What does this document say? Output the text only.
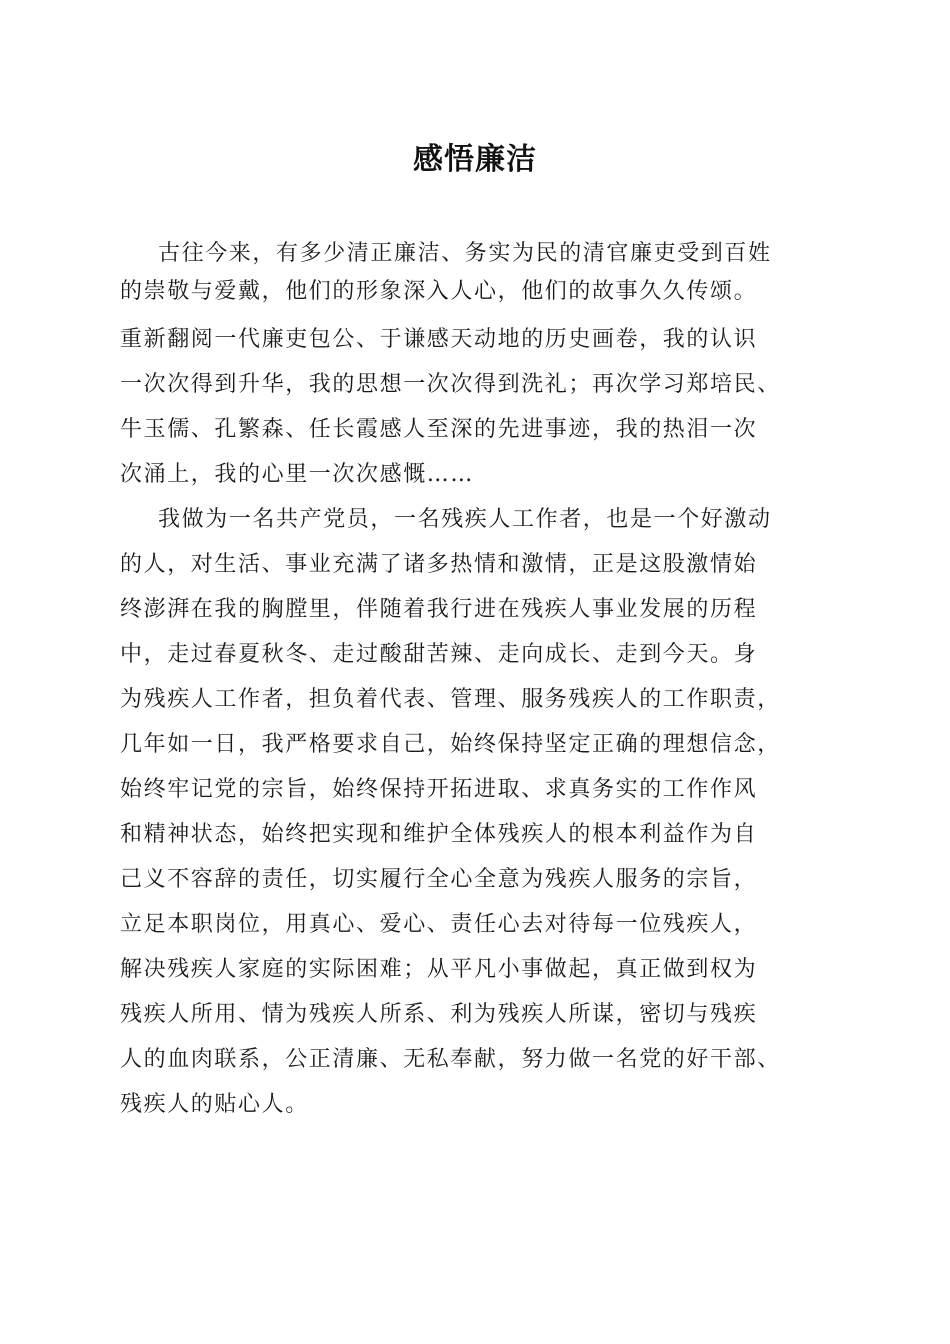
感悟廉洁
古往今来，有多少清正廉洁、务实为民的清官廉吏受到百姓
的崇敬与爱戴，他们的形象深入人心，他们的故事久久传颂。
重新翻阅一代廉吏包公、于谦感天动地的历史画卷，我的认识
一次次得到升华，我的思想一次次得到洗礼；再次学习郑培民、
牛玉儒、孔繁森、任长霞感人至深的先进事迹，我的热泪一次
次涌上，我的心里一次次感慨……
我做为一名共产党员，一名残疾人工作者，也是一个好激动
的人，对生活、事业充满了诸多热情和激情，正是这股激情始
终澎湃在我的胸膛里，伴随着我行进在残疾人事业发展的历程
中，走过春夏秋冬、走过酸甜苦辣、走向成长、走到今天。身
为残疾人工作者，担负着代表、管理、服务残疾人的工作职责，
几年如一日，我严格要求自己，始终保持坚定正确的理想信念，
始终牢记党的宗旨，始终保持开拓进取、求真务实的工作作风
和精神状态，始终把实现和维护全体残疾人的根本利益作为自
己义不容辞的责任，切实履行全心全意为残疾人服务的宗旨，
立足本职岗位，用真心、爱心、责任心去对待每一位残疾人，
解决残疾人家庭的实际困难；从平凡小事做起，真正做到权为
残疾人所用、情为残疾人所系、利为残疾人所谋，密切与残疾
人的血肉联系，公正清廉、无私奉献，努力做一名党的好干部、
残疾人的贴心人。
